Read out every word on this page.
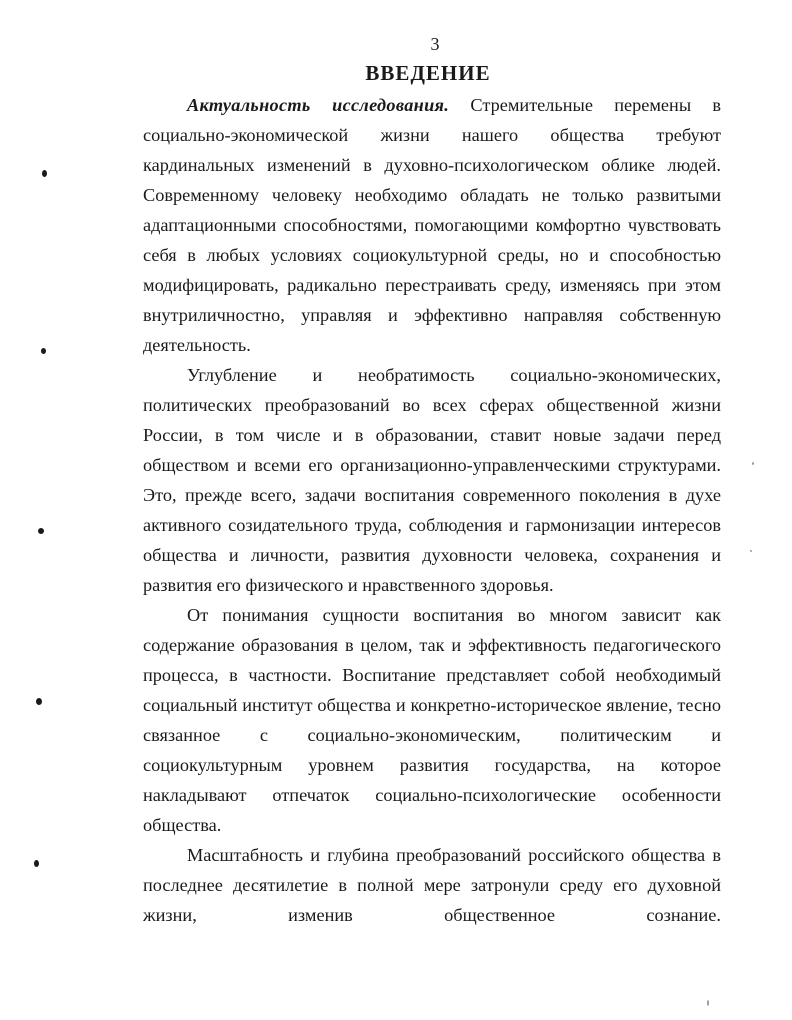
3
ВВЕДЕНИЕ

Актуальность исследования. Стремительные перемены в социально-экономической жизни нашего общества требуют кардинальных изменений в духовно-психологическом облике людей. Современному человеку необходимо обладать не только развитыми адаптационными способностями, помогающими комфортно чувствовать себя в любых условиях социокультурной среды, но и способностью модифицировать, радикально перестраивать среду, изменяясь при этом внутриличностно, управляя и эффективно направляя собственную деятельность.

Углубление и необратимость социально-экономических, политических преобразований во всех сферах общественной жизни России, в том числе и в образовании, ставит новые задачи перед обществом и всеми его организационно-управленческими структурами. Это, прежде всего, задачи воспитания современного поколения в духе активного созидательного труда, соблюдения и гармонизации интересов общества и личности, развития духовности человека, сохранения и развития его физического и нравственного здоровья.

От понимания сущности воспитания во многом зависит как содержание образования в целом, так и эффективность педагогического процесса, в частности. Воспитание представляет собой необходимый социальный институт общества и конкретно-историческое явление, тесно связанное с социально-экономическим, политическим и социокультурным уровнем развития государства, на которое накладывают отпечаток социально-психологические особенности общества.

Масштабность и глубина преобразований российского общества в последнее десятилетие в полной мере затронули среду его духовной жизни, изменив общественное сознание.
